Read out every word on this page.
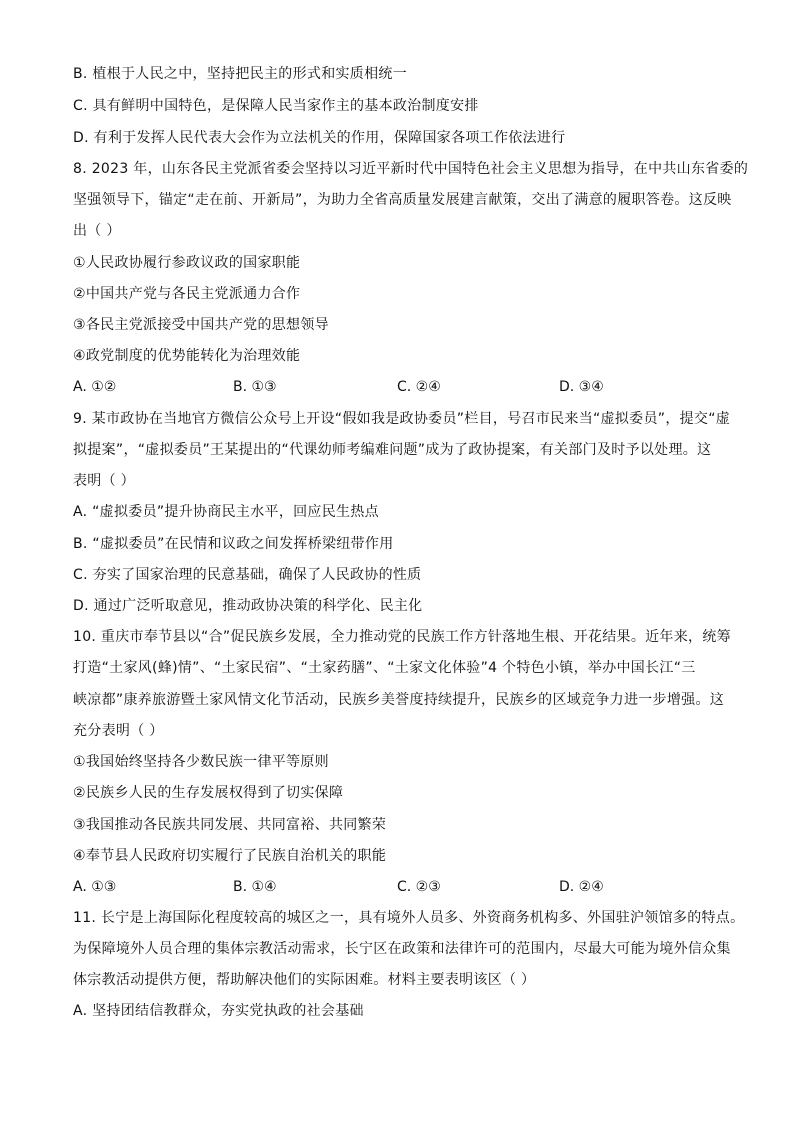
B. 植根于人民之中，坚持把民主的形式和实质相统一
C. 具有鲜明中国特色，是保障人民当家作主的基本政治制度安排
D. 有利于发挥人民代表大会作为立法机关的作用，保障国家各项工作依法进行
8. 2023 年，山东各民主党派省委会坚持以习近平新时代中国特色社会主义思想为指导，在中共山东省委的
坚强领导下，锚定“走在前、开新局”，为助力全省高质量发展建言献策，交出了满意的履职答卷。这反映
出（ ）
①人民政协履行参政议政的国家职能
②中国共产党与各民主党派通力合作
③各民主党派接受中国共产党的思想领导
④政党制度的优势能转化为治理效能
A. ①②	B. ①③	C. ②④	D. ③④
9. 某市政协在当地官方微信公众号上开设“假如我是政协委员”栏目，号召市民来当“虚拟委员”，提交“虚
拟提案”，“虚拟委员”王某提出的“代课幼师考编难问题”成为了政协提案，有关部门及时予以处理。这
表明（ ）
A. “虚拟委员”提升协商民主水平，回应民生热点
B. “虚拟委员”在民情和议政之间发挥桥梁纽带作用
C. 夯实了国家治理的民意基础，确保了人民政协的性质
D. 通过广泛听取意见，推动政协决策的科学化、民主化
10. 重庆市奉节县以“合”促民族乡发展，全力推动党的民族工作方针落地生根、开花结果。近年来，统筹
打造“土家风(蜂)情”、“土家民宿”、“土家药膳”、“土家文化体验”4 个特色小镇，举办中国长江“三
峡凉都”康养旅游暨土家风情文化节活动，民族乡美誉度持续提升，民族乡的区域竞争力进一步增强。这
充分表明（ ）
①我国始终坚持各少数民族一律平等原则
②民族乡人民的生存发展权得到了切实保障
③我国推动各民族共同发展、共同富裕、共同繁荣
④奉节县人民政府切实履行了民族自治机关的职能
A. ①③	B. ①④	C. ②③	D. ②④
11. 长宁是上海国际化程度较高的城区之一，具有境外人员多、外资商务机构多、外国驻沪领馆多的特点。
为保障境外人员合理的集体宗教活动需求，长宁区在政策和法律许可的范围内，尽最大可能为境外信众集
体宗教活动提供方便，帮助解决他们的实际困难。材料主要表明该区（ ）
A. 坚持团结信教群众，夯实党执政的社会基础
